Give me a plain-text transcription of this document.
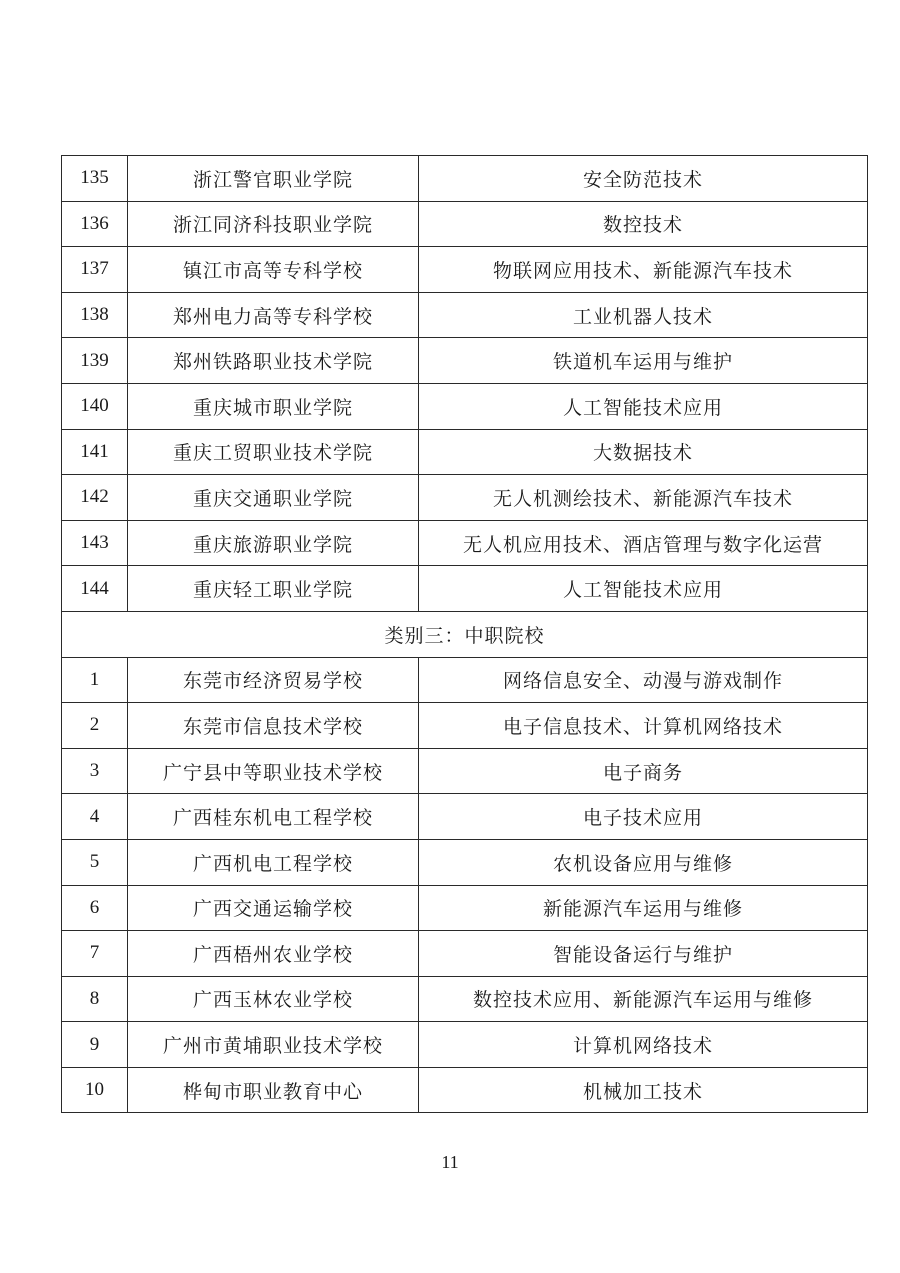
135	浙江警官职业学院	安全防范技术
136	浙江同济科技职业学院	数控技术
137	镇江市高等专科学校	物联网应用技术、新能源汽车技术
138	郑州电力高等专科学校	工业机器人技术
139	郑州铁路职业技术学院	铁道机车运用与维护
140	重庆城市职业学院	人工智能技术应用
141	重庆工贸职业技术学院	大数据技术
142	重庆交通职业学院	无人机测绘技术、新能源汽车技术
143	重庆旅游职业学院	无人机应用技术、酒店管理与数字化运营
144	重庆轻工职业学院	人工智能技术应用
类别三：中职院校		
1	东莞市经济贸易学校	网络信息安全、动漫与游戏制作
2	东莞市信息技术学校	电子信息技术、计算机网络技术
3	广宁县中等职业技术学校	电子商务
4	广西桂东机电工程学校	电子技术应用
5	广西机电工程学校	农机设备应用与维修
6	广西交通运输学校	新能源汽车运用与维修
7	广西梧州农业学校	智能设备运行与维护
8	广西玉林农业学校	数控技术应用、新能源汽车运用与维修
9	广州市黄埔职业技术学校	计算机网络技术
10	桦甸市职业教育中心	机械加工技术
11
